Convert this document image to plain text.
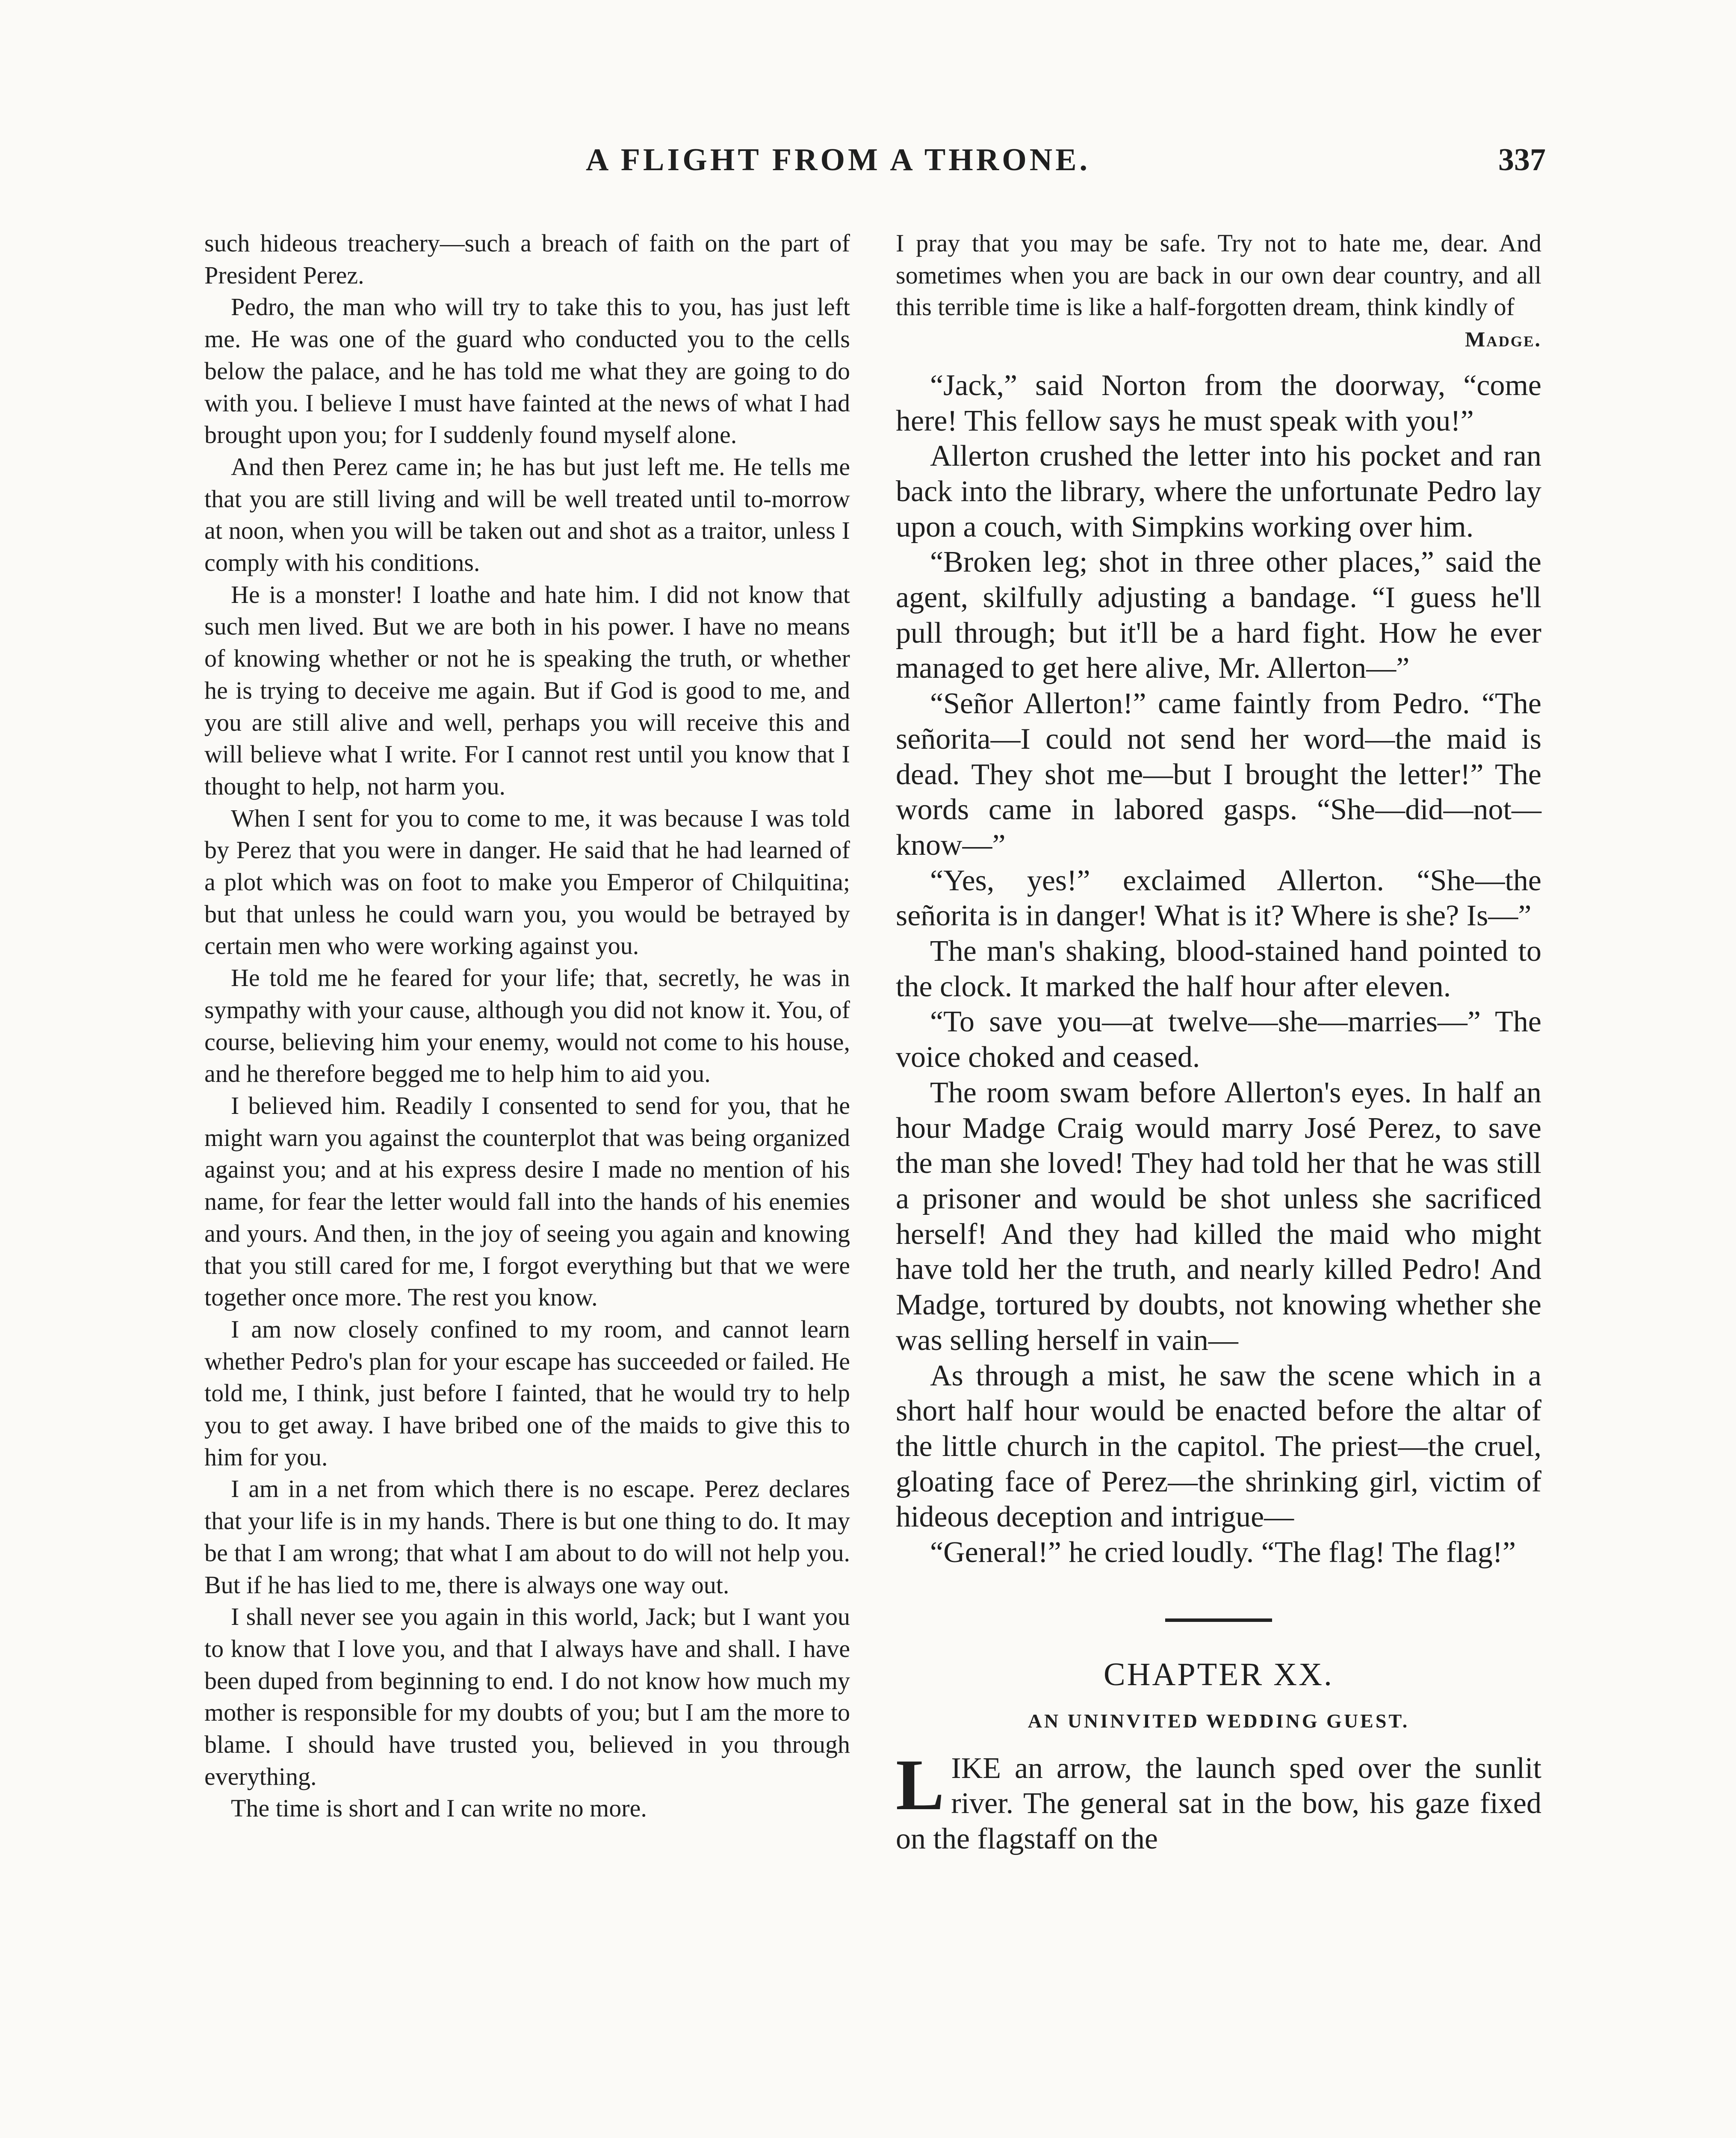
A FLIGHT FROM A THRONE.	337

such hideous treachery—such a breach of faith on the part of President Perez.

Pedro, the man who will try to take this to you, has just left me. He was one of the guard who conducted you to the cells below the palace, and he has told me what they are going to do with you. I believe I must have fainted at the news of what I had brought upon you; for I suddenly found myself alone.

And then Perez came in; he has but just left me. He tells me that you are still living and will be well treated until to-morrow at noon, when you will be taken out and shot as a traitor, unless I comply with his conditions.

He is a monster! I loathe and hate him. I did not know that such men lived. But we are both in his power. I have no means of knowing whether or not he is speaking the truth, or whether he is trying to deceive me again. But if God is good to me, and you are still alive and well, perhaps you will receive this and will believe what I write. For I cannot rest until you know that I thought to help, not harm you.

When I sent for you to come to me, it was because I was told by Perez that you were in danger. He said that he had learned of a plot which was on foot to make you Emperor of Chilquitina; but that unless he could warn you, you would be betrayed by certain men who were working against you.

He told me he feared for your life; that, secretly, he was in sympathy with your cause, although you did not know it. You, of course, believing him your enemy, would not come to his house, and he therefore begged me to help him to aid you.

I believed him. Readily I consented to send for you, that he might warn you against the counterplot that was being organized against you; and at his express desire I made no mention of his name, for fear the letter would fall into the hands of his enemies and yours. And then, in the joy of seeing you again and knowing that you still cared for me, I forgot everything but that we were together once more. The rest you know.

I am now closely confined to my room, and cannot learn whether Pedro's plan for your escape has succeeded or failed. He told me, I think, just before I fainted, that he would try to help you to get away. I have bribed one of the maids to give this to him for you.

I am in a net from which there is no escape. Perez declares that your life is in my hands. There is but one thing to do. It may be that I am wrong; that what I am about to do will not help you. But if he has lied to me, there is always one way out.

I shall never see you again in this world, Jack; but I want you to know that I love you, and that I always have and shall. I have been duped from beginning to end. I do not know how much my mother is responsible for my doubts of you; but I am the more to blame. I should have trusted you, believed in you through everything.

The time is short and I can write no more.

I pray that you may be safe. Try not to hate me, dear. And sometimes when you are back in our own dear country, and all this terrible time is like a half-forgotten dream, think kindly of

Madge.

“Jack,” said Norton from the doorway, “come here! This fellow says he must speak with you!”

Allerton crushed the letter into his pocket and ran back into the library, where the unfortunate Pedro lay upon a couch, with Simpkins working over him.

“Broken leg; shot in three other places,” said the agent, skilfully adjusting a bandage. “I guess he'll pull through; but it'll be a hard fight. How he ever managed to get here alive, Mr. Allerton—”

“Señor Allerton!” came faintly from Pedro. “The señorita—I could not send her word—the maid is dead. They shot me—but I brought the letter!” The words came in labored gasps. “She—did—not—know—”

“Yes, yes!” exclaimed Allerton. “She—the señorita is in danger! What is it? Where is she? Is—”

The man's shaking, blood-stained hand pointed to the clock. It marked the half hour after eleven.

“To save you—at twelve—she—marries—” The voice choked and ceased.

The room swam before Allerton's eyes. In half an hour Madge Craig would marry José Perez, to save the man she loved! They had told her that he was still a prisoner and would be shot unless she sacrificed herself! And they had killed the maid who might have told her the truth, and nearly killed Pedro! And Madge, tortured by doubts, not knowing whether she was selling herself in vain—

As through a mist, he saw the scene which in a short half hour would be enacted before the altar of the little church in the capitol. The priest—the cruel, gloating face of Perez—the shrinking girl, victim of hideous deception and intrigue—

“General!” he cried loudly. “The flag! The flag!”

CHAPTER XX.
AN UNINVITED WEDDING GUEST.
L IKE an arrow, the launch sped over the sunlit river. The general sat in the bow, his gaze fixed on the flagstaff on the
